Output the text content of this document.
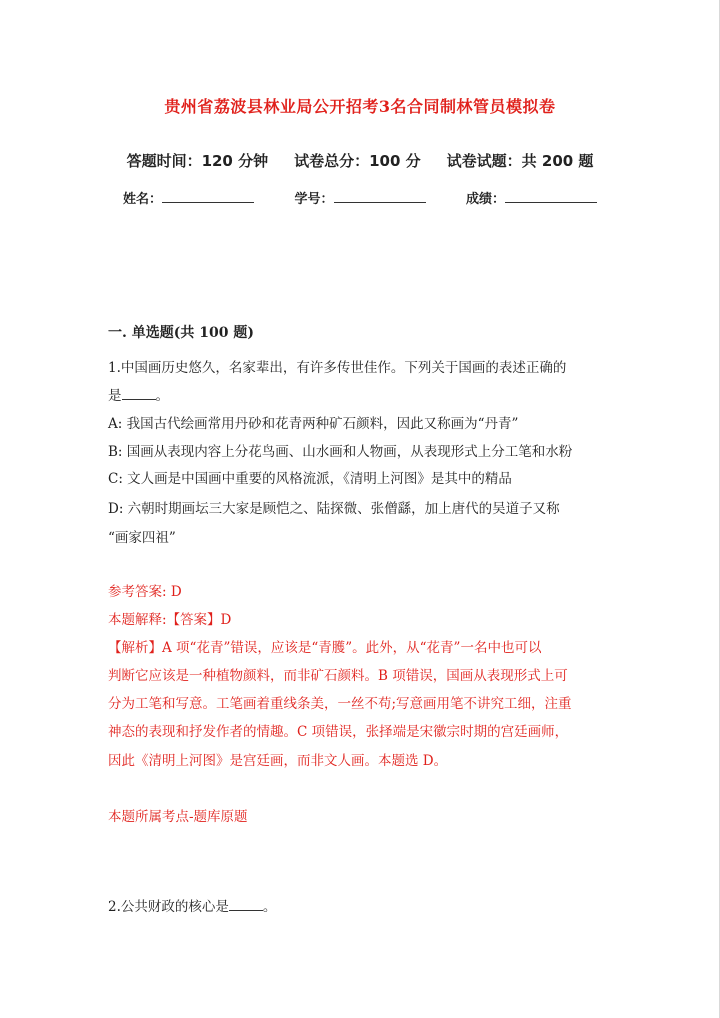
贵州省荔波县林业局公开招考3名合同制林管员模拟卷
答题时间：120 分钟 试卷总分：100 分 试卷试题：共 200 题
姓名：	学号：	成绩：
一. 单选题(共 100 题)
1.中国画历史悠久，名家辈出，有许多传世佳作。下列关于国画的表述正确的
是	。
A: 我国古代绘画常用丹砂和花青两种矿石颜料，因此又称画为“丹青”
B: 国画从表现内容上分花鸟画、山水画和人物画，从表现形式上分工笔和水粉
C: 文人画是中国画中重要的风格流派，《清明上河图》是其中的精品
D: 六朝时期画坛三大家是顾恺之、陆探微、张僧繇，加上唐代的吴道子又称
“画家四祖”
参考答案: D
本题解释:【答案】D
【解析】A 项“花青”错误，应该是“青臒”。此外，从“花青”一名中也可以
判断它应该是一种植物颜料，而非矿石颜料。B 项错误，国画从表现形式上可
分为工笔和写意。工笔画着重线条美，一丝不苟;写意画用笔不讲究工细，注重
神态的表现和抒发作者的情趣。C 项错误，张择端是宋徽宗时期的宫廷画师，
因此《清明上河图》是宫廷画，而非文人画。本题选 D。
本题所属考点-题库原题
2.公共财政的核心是	。
